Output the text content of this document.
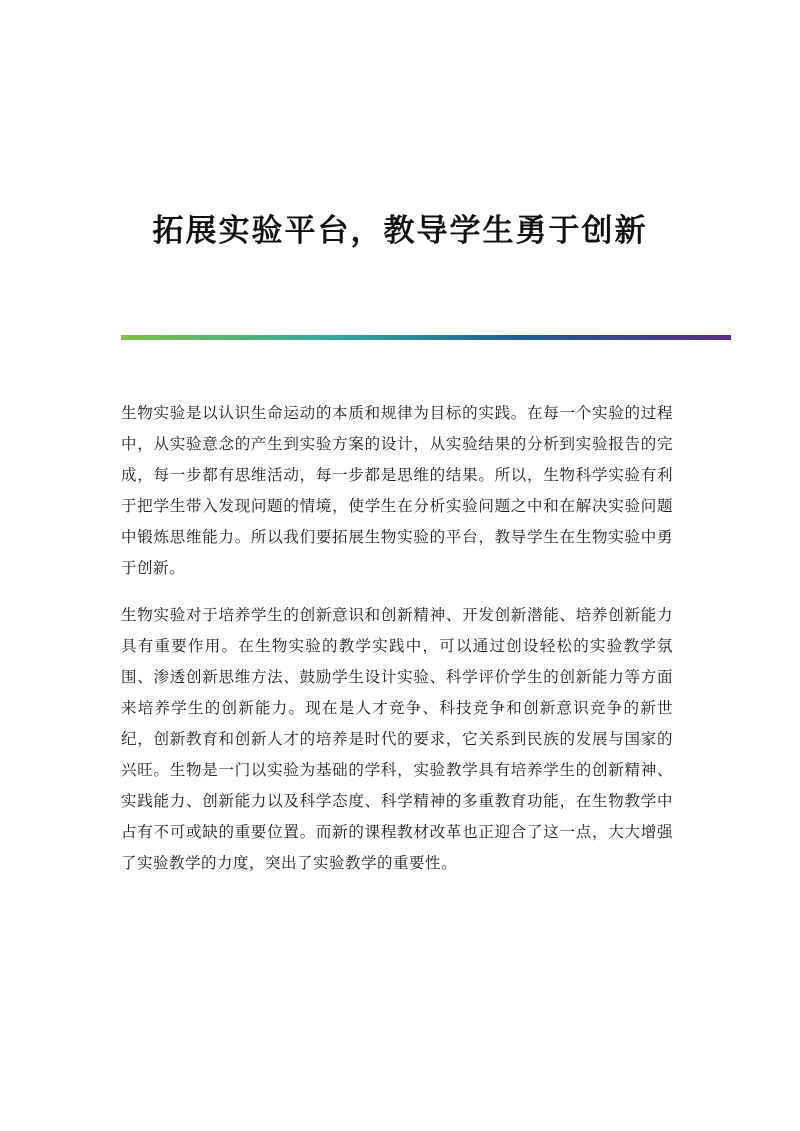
拓展实验平台，教导学生勇于创新

生物实验是以认识生命运动的本质和规律为目标的实践。在每一个实验的过程中，从实验意念的产生到实验方案的设计，从实验结果的分析到实验报告的完成，每一步都有思维活动，每一步都是思维的结果。所以，生物科学实验有利于把学生带入发现问题的情境，使学生在分析实验问题之中和在解决实验问题中锻炼思维能力。所以我们要拓展生物实验的平台，教导学生在生物实验中勇于创新。

生物实验对于培养学生的创新意识和创新精神、开发创新潜能、培养创新能力具有重要作用。在生物实验的教学实践中，可以通过创设轻松的实验教学氛围、渗透创新思维方法、鼓励学生设计实验、科学评价学生的创新能力等方面来培养学生的创新能力。现在是人才竞争、科技竞争和创新意识竞争的新世纪，创新教育和创新人才的培养是时代的要求，它关系到民族的发展与国家的兴旺。生物是一门以实验为基础的学科，实验教学具有培养学生的创新精神、实践能力、创新能力以及科学态度、科学精神的多重教育功能，在生物教学中占有不可或缺的重要位置。而新的课程教材改革也正迎合了这一点，大大增强了实验教学的力度，突出了实验教学的重要性。
